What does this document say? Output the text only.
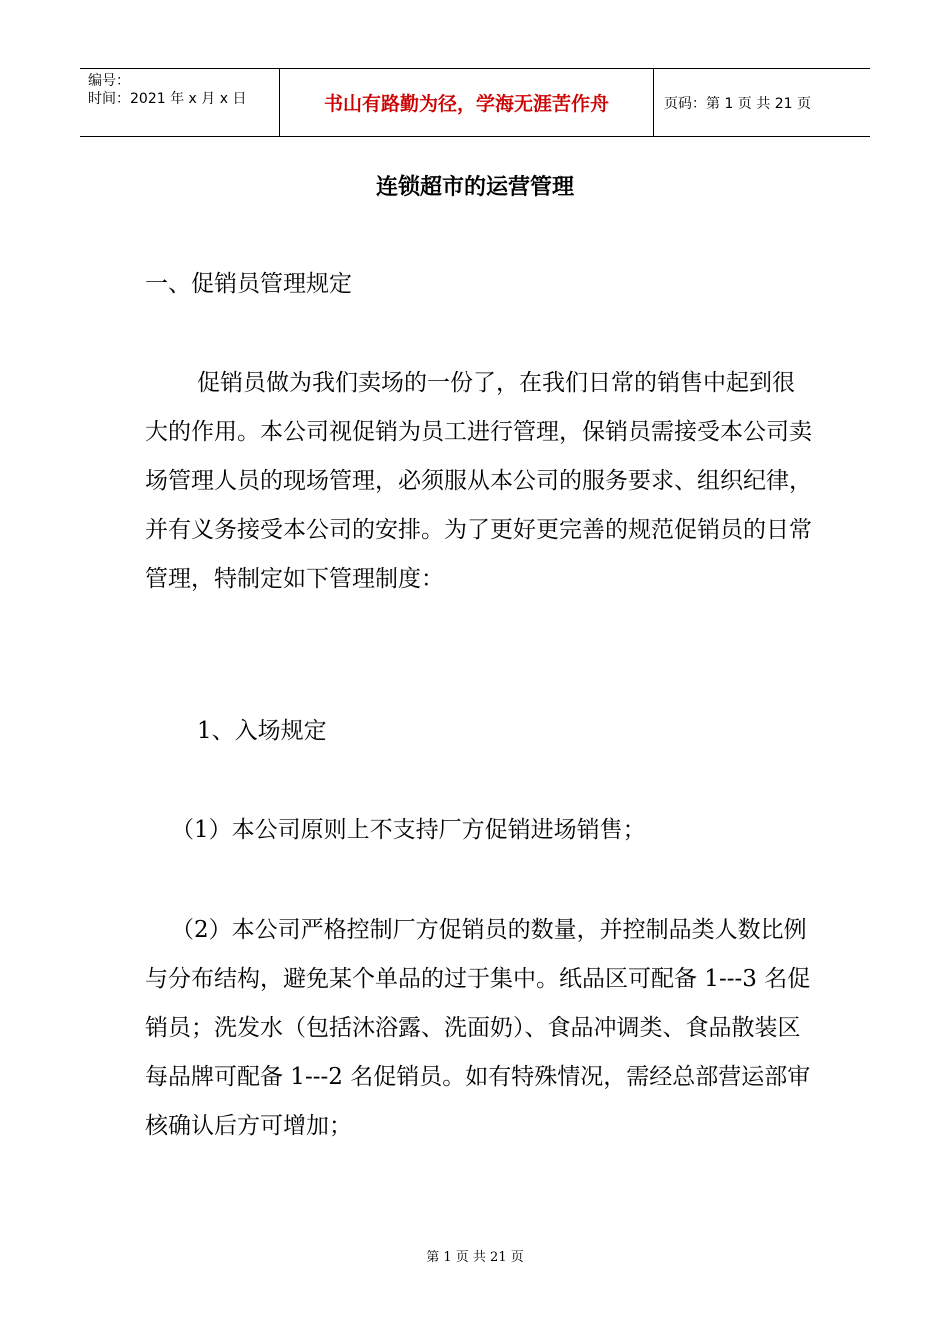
编号：
时间：2021 年 x 月 x 日	书山有路勤为径，学海无涯苦作舟	页码：第 1 页 共 21 页
连锁超市的运营管理

一、促销员管理规定

促销员做为我们卖场的一份了，在我们日常的销售中起到很大的作用。本公司视促销为员工进行管理，保销员需接受本公司卖场管理人员的现场管理，必须服从本公司的服务要求、组织纪律，并有义务接受本公司的安排。为了更好更完善的规范促销员的日常管理，特制定如下管理制度：

1、入场规定

（1）本公司原则上不支持厂方促销进场销售；

（2）本公司严格控制厂方促销员的数量，并控制品类人数比例与分布结构，避免某个单品的过于集中。纸品区可配备 1---3 名促销员；洗发水（包括沐浴露、洗面奶）、食品冲调类、食品散装区每品牌可配备 1---2 名促销员。如有特殊情况，需经总部营运部审核确认后方可增加；

第 1 页 共 21 页
